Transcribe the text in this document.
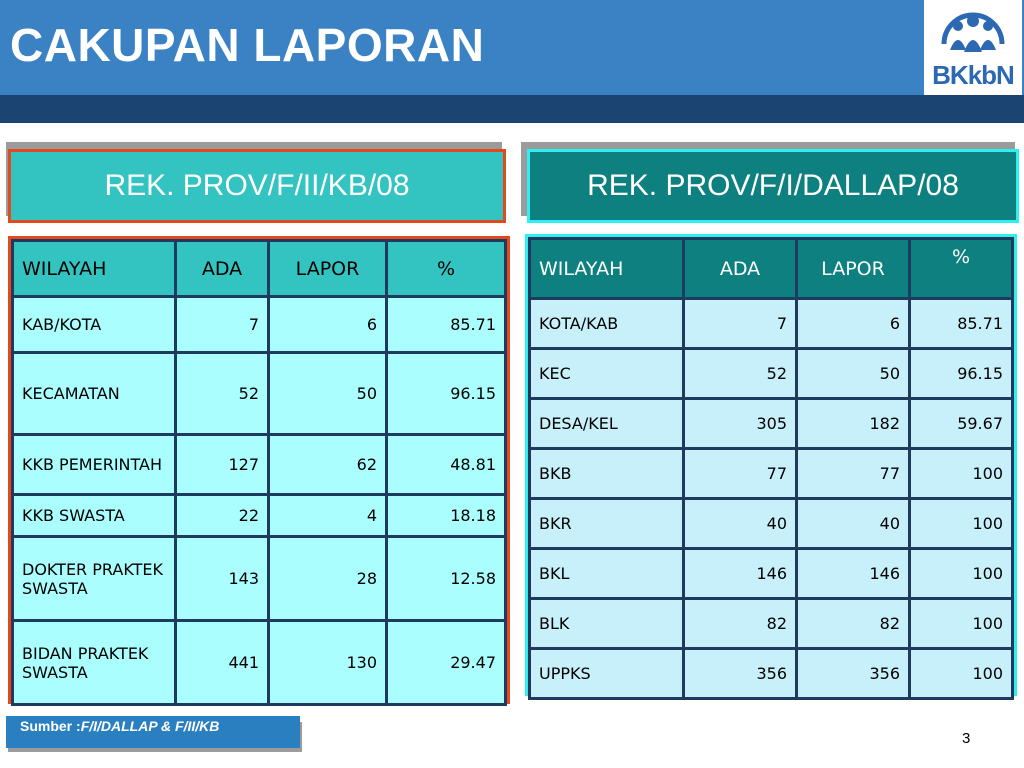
CAKUPAN LAPORAN
BKkbN
REK. PROV/F/II/KB/08	REK. PROV/F/I/DALLAP/08
WILAYAH	ADA	LAPOR	%
KAB/KOTA	7	6	85.71
KECAMATAN	52	50	96.15
KKB PEMERINTAH	127	62	48.81
KKB SWASTA	22	4	18.18
DOKTER PRAKTEK SWASTA	143	28	12.58
BIDAN PRAKTEK SWASTA	441	130	29.47
WILAYAH	ADA	LAPOR	%
KOTA/KAB	7	6	85.71
KEC	52	50	96.15
DESA/KEL	305	182	59.67
BKB	77	77	100
BKR	40	40	100
BKL	146	146	100
BLK	82	82	100
UPPKS	356	356	100
Sumber :F/I/DALLAP & F/II/KB
3
